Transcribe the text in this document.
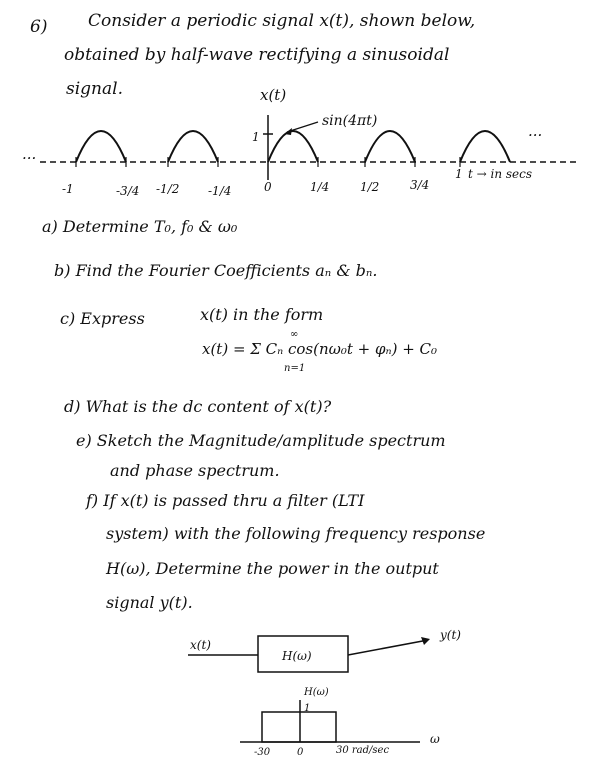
6) Consider a periodic signal x(t), shown below,
obtained by half-wave rectifying a sinusoidal
signal.	x(t)
sin(4πt)
1
...
...
t → in secs
-1	-3/4 -1/2 -1/4	0	1/4	1/2	3/4
1
a) Determine T₀, f₀ & ω₀
b) Find the Fourier Coefficients aₙ & bₙ.
c) Express	x(t) in the form
∞
x(t) = Σ Cₙ cos(nω₀t + φₙ) + C₀
n=1
d) What is the dc content of x(t)?
e) Sketch the Magnitude/amplitude spectrum
and phase spectrum.
f) If x(t) is passed thru a filter (LTI
system) with the following frequency response
H(ω), Determine the power in the output
signal y(t).
x(t)
H(ω)
y(t)
H(ω)
1
-30	0	30 rad/sec
ω
